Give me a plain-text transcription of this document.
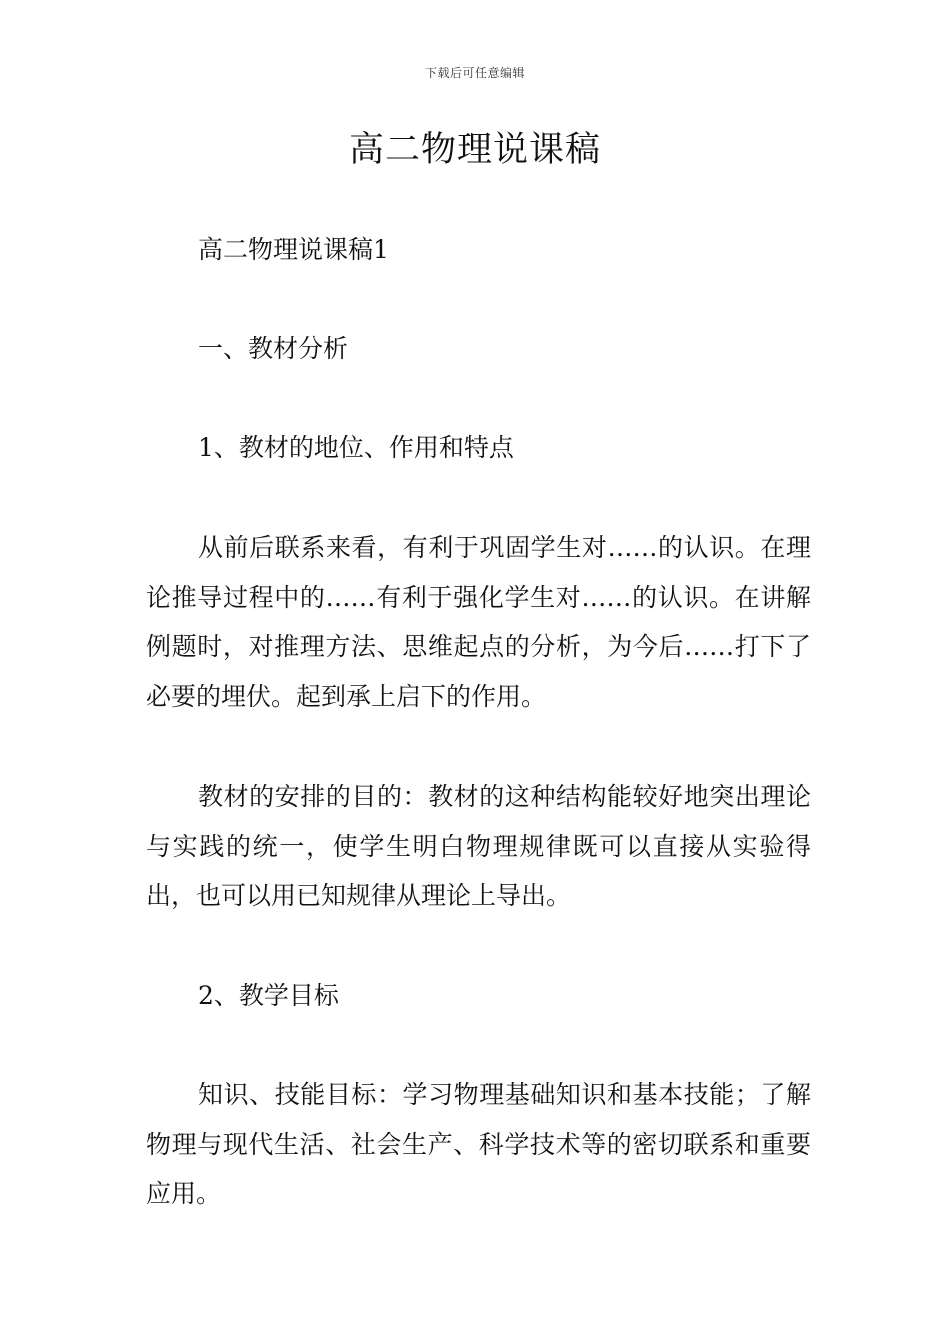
下载后可任意编辑
高二物理说课稿

高二物理说课稿1

一、教材分析

1、教材的地位、作用和特点

从前后联系来看，有利于巩固学生对……的认识。在理论推导过程中的……有利于强化学生对……的认识。在讲解例题时，对推理方法、思维起点的分析，为今后……打下了必要的埋伏。起到承上启下的作用。

教材的安排的目的：教材的这种结构能较好地突出理论与实践的统一，使学生明白物理规律既可以直接从实验得出，也可以用已知规律从理论上导出。

2、教学目标

知识、技能目标：学习物理基础知识和基本技能；了解物理与现代生活、社会生产、科学技术等的密切联系和重要应用。
